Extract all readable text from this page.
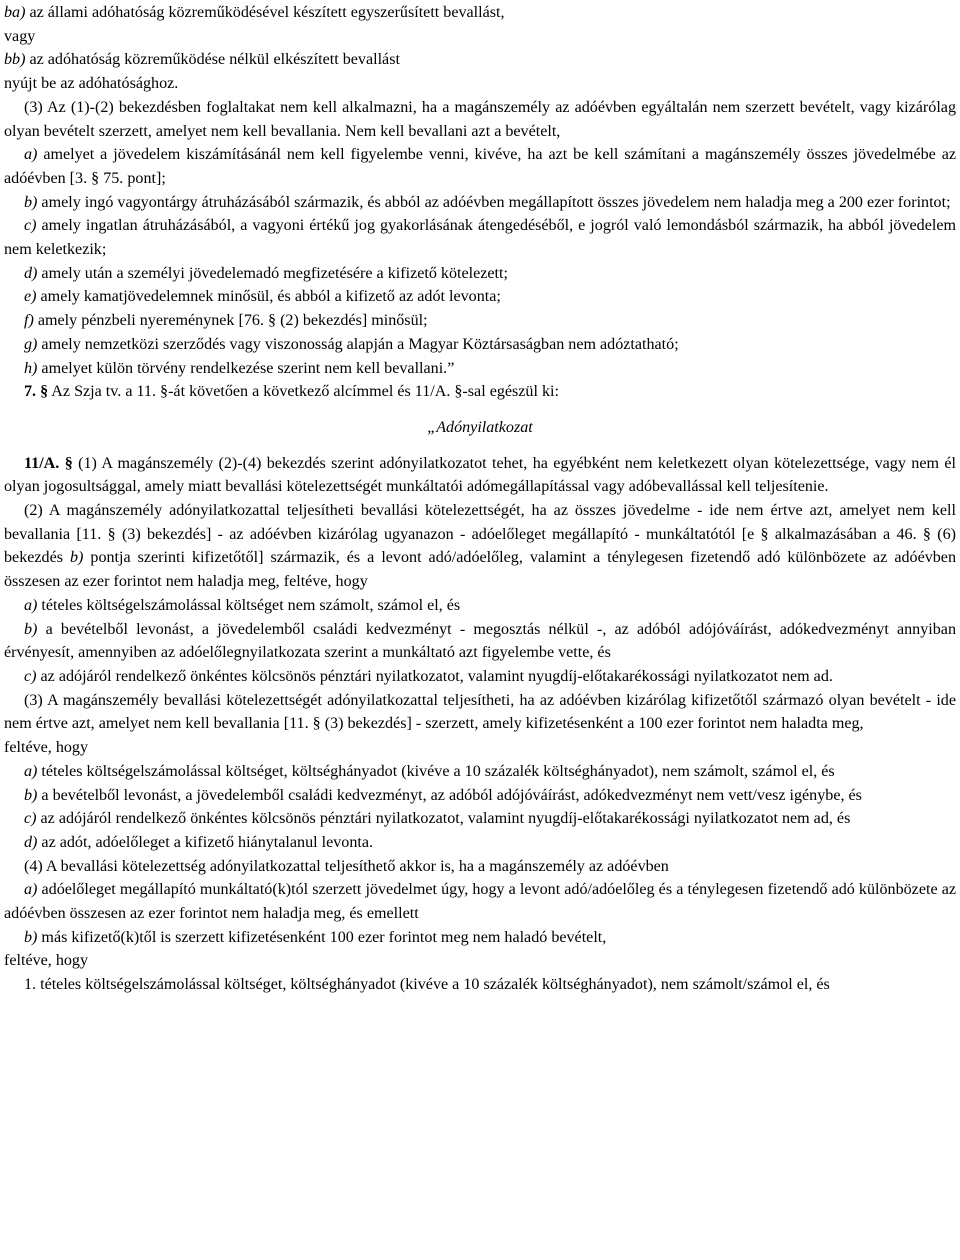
ba) az állami adóhatóság közreműködésével készített egyszerűsített bevallást,

vagy

bb) az adóhatóság közreműködése nélkül elkészített bevallást

nyújt be az adóhatósághoz.

(3) Az (1)-(2) bekezdésben foglaltakat nem kell alkalmazni, ha a magánszemély az adóévben egyáltalán nem szerzett bevételt, vagy kizárólag olyan bevételt szerzett, amelyet nem kell bevallania. Nem kell bevallani azt a bevételt,

a) amelyet a jövedelem kiszámításánál nem kell figyelembe venni, kivéve, ha azt be kell számítani a magánszemély összes jövedelmébe az adóévben [3. § 75. pont];

b) amely ingó vagyontárgy átruházásából származik, és abból az adóévben megállapított összes jövedelem nem haladja meg a 200 ezer forintot;

c) amely ingatlan átruházásából, a vagyoni értékű jog gyakorlásának átengedéséből, e jogról való lemondásból származik, ha abból jövedelem nem keletkezik;

d) amely után a személyi jövedelemadó megfizetésére a kifizető kötelezett;

e) amely kamatjövedelemnek minősül, és abból a kifizető az adót levonta;

f) amely pénzbeli nyereménynek [76. § (2) bekezdés] minősül;

g) amely nemzetközi szerződés vagy viszonosság alapján a Magyar Köztársaságban nem adóztatható;

h) amelyet külön törvény rendelkezése szerint nem kell bevallani.”

7. § Az Szja tv. a 11. §-át követően a következő alcímmel és 11/A. §-sal egészül ki:

„Adónyilatkozat

11/A. § (1) A magánszemély (2)-(4) bekezdés szerint adónyilatkozatot tehet, ha egyébként nem keletkezett olyan kötelezettsége, vagy nem él olyan jogosultsággal, amely miatt bevallási kötelezettségét munkáltatói adómegállapítással vagy adóbevallással kell teljesítenie.

(2) A magánszemély adónyilatkozattal teljesítheti bevallási kötelezettségét, ha az összes jövedelme - ide nem értve azt, amelyet nem kell bevallania [11. § (3) bekezdés] - az adóévben kizárólag ugyanazon - adóelőleget megállapító - munkáltatótól [e § alkalmazásában a 46. § (6) bekezdés b) pontja szerinti kifizetőtől] származik, és a levont adó/adóelőleg, valamint a ténylegesen fizetendő adó különbözete az adóévben összesen az ezer forintot nem haladja meg, feltéve, hogy

a) tételes költségelszámolással költséget nem számolt, számol el, és

b) a bevételből levonást, a jövedelemből családi kedvezményt - megosztás nélkül -, az adóból adójóváírást, adókedvezményt annyiban érvényesít, amennyiben az adóelőlegnyilatkozata szerint a munkáltató azt figyelembe vette, és

c) az adójáról rendelkező önkéntes kölcsönös pénztári nyilatkozatot, valamint nyugdíj-előtakarékossági nyilatkozatot nem ad.

(3) A magánszemély bevallási kötelezettségét adónyilatkozattal teljesítheti, ha az adóévben kizárólag kifizetőtől származó olyan bevételt - ide nem értve azt, amelyet nem kell bevallania [11. § (3) bekezdés] - szerzett, amely kifizetésenként a 100 ezer forintot nem haladta meg,

feltéve, hogy

a) tételes költségelszámolással költséget, költséghányadot (kivéve a 10 százalék költséghányadot), nem számolt, számol el, és

b) a bevételből levonást, a jövedelemből családi kedvezményt, az adóból adójóváírást, adókedvezményt nem vett/vesz igénybe, és

c) az adójáról rendelkező önkéntes kölcsönös pénztári nyilatkozatot, valamint nyugdíj-előtakarékossági nyilatkozatot nem ad, és

d) az adót, adóelőleget a kifizető hiánytalanul levonta.

(4) A bevallási kötelezettség adónyilatkozattal teljesíthető akkor is, ha a magánszemély az adóévben

a) adóelőleget megállapító munkáltató(k)tól szerzett jövedelmet úgy, hogy a levont adó/adóelőleg és a ténylegesen fizetendő adó különbözete az adóévben összesen az ezer forintot nem haladja meg, és emellett

b) más kifizető(k)től is szerzett kifizetésenként 100 ezer forintot meg nem haladó bevételt,

feltéve, hogy

1. tételes költségelszámolással költséget, költséghányadot (kivéve a 10 százalék költséghányadot), nem számolt/számol el, és
